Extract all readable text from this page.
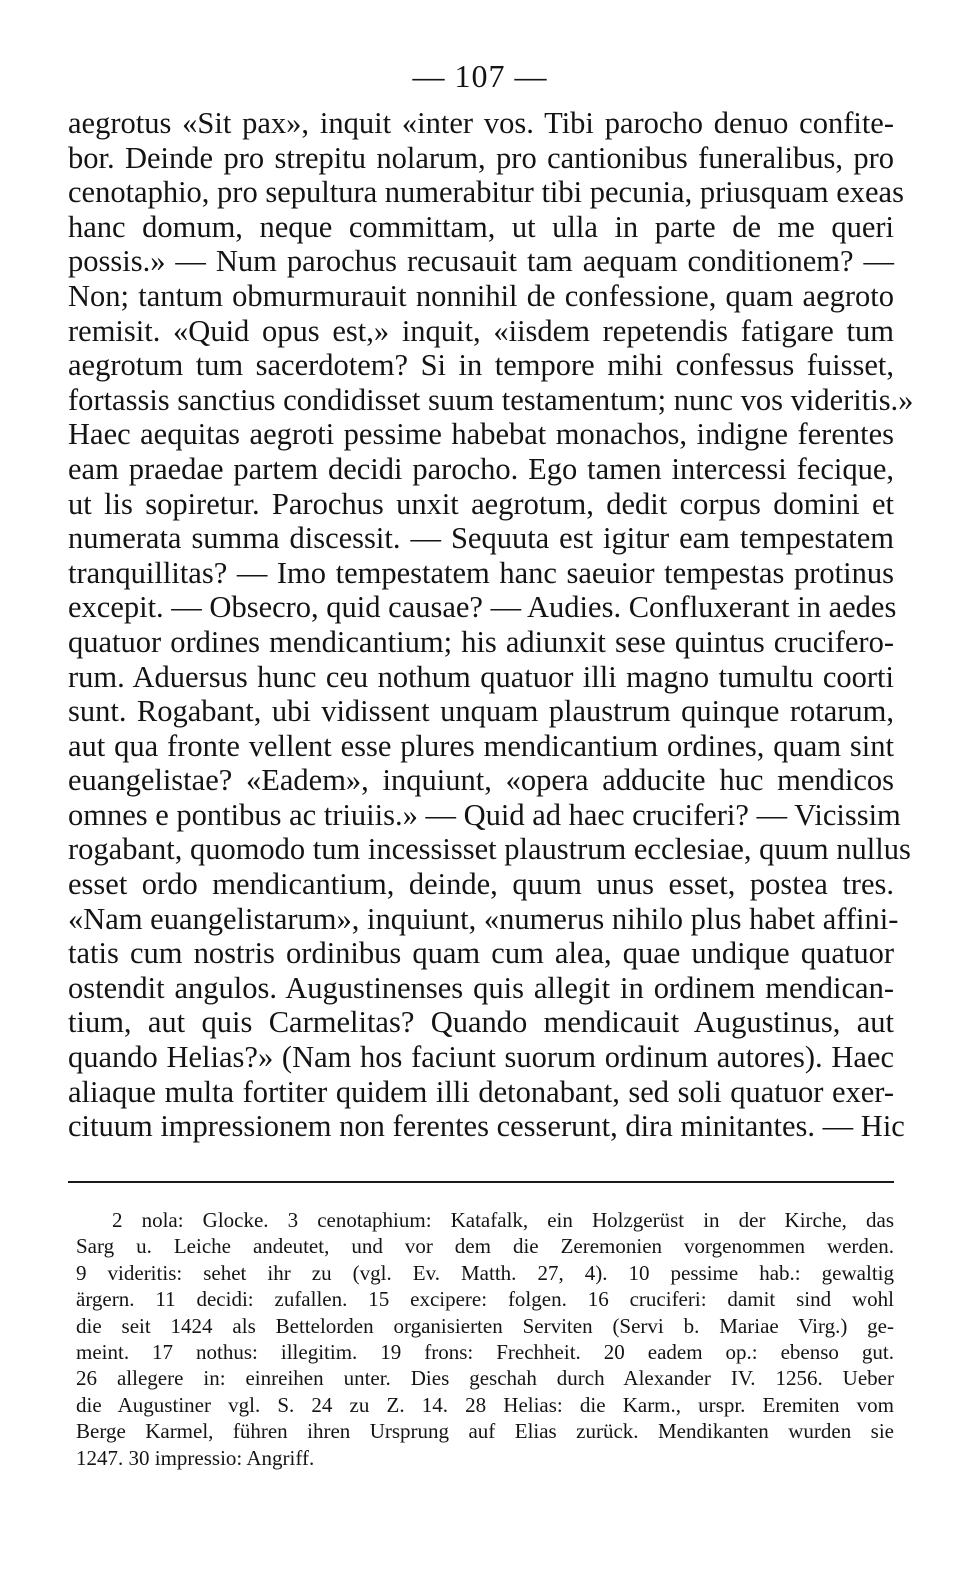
— 107 —
aegrotus «Sit pax», inquit «inter vos. Tibi parocho denuo confite-
bor. Deinde pro strepitu nolarum, pro cantionibus funeralibus, pro
cenotaphio, pro sepultura numerabitur tibi pecunia, priusquam exeas
hanc domum, neque committam, ut ulla in parte de me queri
possis.» — Num parochus recusauit tam aequam conditionem? —
Non; tantum obmurmurauit nonnihil de confessione, quam aegroto
remisit. «Quid opus est,» inquit, «iisdem repetendis fatigare tum
aegrotum tum sacerdotem? Si in tempore mihi confessus fuisset,
fortassis sanctius condidisset suum testamentum; nunc vos videritis.»
Haec aequitas aegroti pessime habebat monachos, indigne ferentes
eam praedae partem decidi parocho. Ego tamen intercessi fecique,
ut lis sopiretur. Parochus unxit aegrotum, dedit corpus domini et
numerata summa discessit. — Sequuta est igitur eam tempestatem
tranquillitas? — Imo tempestatem hanc saeuior tempestas protinus
excepit. — Obsecro, quid causae? — Audies. Confluxerant in aedes
quatuor ordines mendicantium; his adiunxit sese quintus crucifero-
rum. Aduersus hunc ceu nothum quatuor illi magno tumultu coorti
sunt. Rogabant, ubi vidissent unquam plaustrum quinque rotarum,
aut qua fronte vellent esse plures mendicantium ordines, quam sint
euangelistae? «Eadem», inquiunt, «opera adducite huc mendicos
omnes e pontibus ac triuiis.» — Quid ad haec cruciferi? — Vicissim
rogabant, quomodo tum incessisset plaustrum ecclesiae, quum nullus
esset ordo mendicantium, deinde, quum unus esset, postea tres.
«Nam euangelistarum», inquiunt, «numerus nihilo plus habet affini-
tatis cum nostris ordinibus quam cum alea, quae undique quatuor
ostendit angulos. Augustinenses quis allegit in ordinem mendican-
tium, aut quis Carmelitas? Quando mendicauit Augustinus, aut
quando Helias?» (Nam hos faciunt suorum ordinum autores). Haec
aliaque multa fortiter quidem illi detonabant, sed soli quatuor exer-
cituum impressionem non ferentes cesserunt, dira minitantes. — Hic
2 nola: Glocke. 3 cenotaphium: Katafalk, ein Holzgerüst in der Kirche, das
Sarg u. Leiche andeutet, und vor dem die Zeremonien vorgenommen werden.
9 videritis: sehet ihr zu (vgl. Ev. Matth. 27, 4). 10 pessime hab.: gewaltig
ärgern. 11 decidi: zufallen. 15 excipere: folgen. 16 cruciferi: damit sind wohl
die seit 1424 als Bettelorden organisierten Serviten (Servi b. Mariae Virg.) ge-
meint. 17 nothus: illegitim. 19 frons: Frechheit. 20 eadem op.: ebenso gut.
26 allegere in: einreihen unter. Dies geschah durch Alexander IV. 1256. Ueber
die Augustiner vgl. S. 24 zu Z. 14. 28 Helias: die Karm., urspr. Eremiten vom
Berge Karmel, führen ihren Ursprung auf Elias zurück. Mendikanten wurden sie
1247. 30 impressio: Angriff.
